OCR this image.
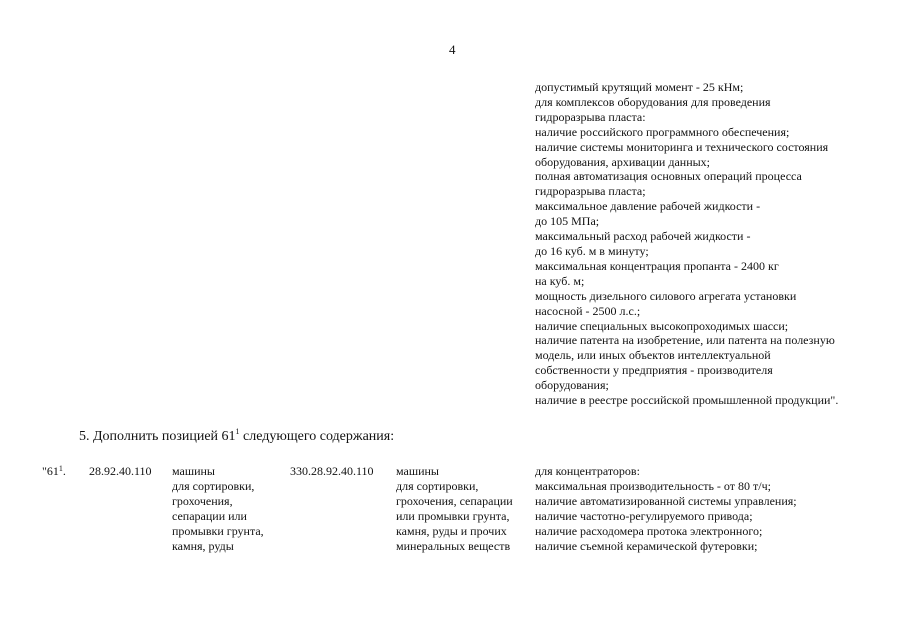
4
допустимый крутящий момент - 25 кНм;
для комплексов оборудования для проведения
гидроразрыва пласта:
наличие российского программного обеспечения;
наличие системы мониторинга и технического состояния
оборудования, архивации данных;
полная автоматизация основных операций процесса
гидроразрыва пласта;
максимальное давление рабочей жидкости -
до 105 МПа;
максимальный расход рабочей жидкости -
до 16 куб. м в минуту;
максимальная концентрация пропанта - 2400 кг
на куб. м;
мощность дизельного силового агрегата установки
насосной - 2500 л.с.;
наличие специальных высокопроходимых шасси;
наличие патента на изобретение, или патента на полезную
модель, или иных объектов интеллектуальной
собственности у предприятия - производителя
оборудования;
наличие в реестре российской промышленной продукции".
5. Дополнить позицией $61^1$ следующего содержания:
"$61^1$. 28.92.40.110 машины
для сортировки,
грохочения,
сепарации или
промывки грунта,
камня, руды
330.28.92.40.110 машины
для сортировки,
грохочения, сепарации
или промывки грунта,
камня, руды и прочих
минеральных веществ
для концентраторов:
максимальная производительность - от 80 т/ч;
наличие автоматизированной системы управления;
наличие частотно-регулируемого привода;
наличие расходомера протока электронного;
наличие съемной керамической футеровки;
